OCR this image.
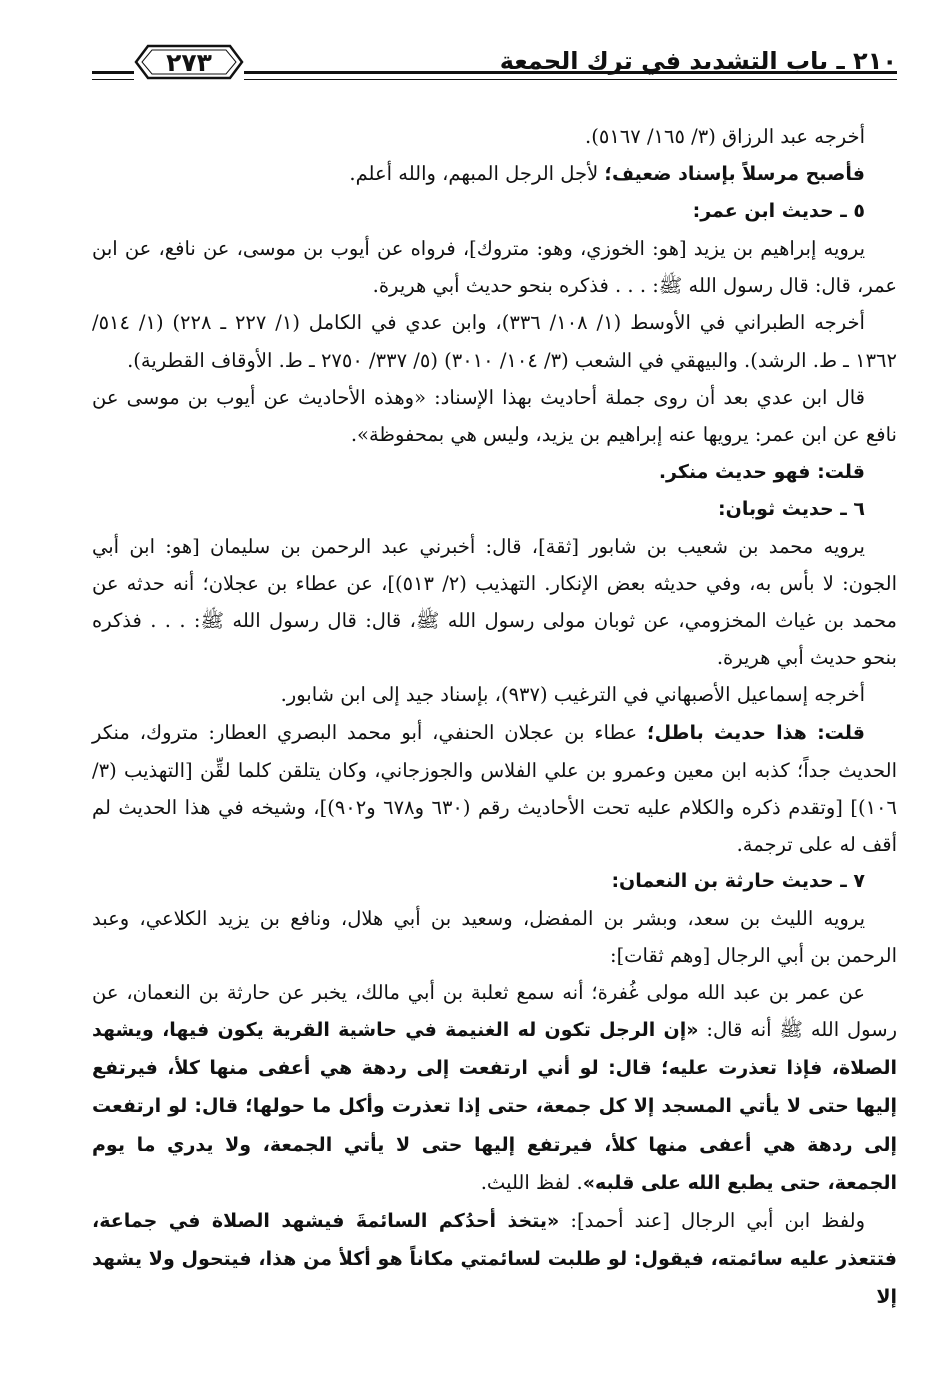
٢٧٣	٢١٠ ـ باب التشديد في ترك الجمعة

أخرجه عبد الرزاق (٣/ ١٦٥/ ٥١٦٧).

فأصبح مرسلاً بإسناد ضعيف؛ لأجل الرجل المبهم، والله أعلم.

٥ ـ حديث ابن عمر:

يرويه إبراهيم بن يزيد [هو: الخوزي، وهو: متروك]، فرواه عن أيوب بن موسى، عن نافع، عن ابن عمر، قال: قال رسول الله ﷺ: . . . فذكره بنحو حديث أبي هريرة.

أخرجه الطبراني في الأوسط (١/ ١٠٨/ ٣٣٦)، وابن عدي في الكامل (١/ ٢٢٧ ـ ٢٢٨) (١/ ٥١٤/ ١٣٦٢ ـ ط. الرشد). والبيهقي في الشعب (٣/ ١٠٤/ ٣٠١٠) (٥/ ٣٣٧/ ٢٧٥٠ ـ ط. الأوقاف القطرية).

قال ابن عدي بعد أن روى جملة أحاديث بهذا الإسناد: «وهذه الأحاديث عن أيوب بن موسى عن نافع عن ابن عمر: يرويها عنه إبراهيم بن يزيد، وليس هي بمحفوظة».

قلت: فهو حديث منكر.

٦ ـ حديث ثوبان:

يرويه محمد بن شعيب بن شابور [ثقة]، قال: أخبرني عبد الرحمن بن سليمان [هو: ابن أبي الجون: لا بأس به، وفي حديثه بعض الإنكار. التهذيب (٢/ ٥١٣)]، عن عطاء بن عجلان؛ أنه حدثه عن محمد بن غياث المخزومي، عن ثوبان مولى رسول الله ﷺ، قال: قال رسول الله ﷺ: . . . فذكره بنحو حديث أبي هريرة.

أخرجه إسماعيل الأصبهاني في الترغيب (٩٣٧)، بإسناد جيد إلى ابن شابور.

قلت: هذا حديث باطل؛ عطاء بن عجلان الحنفي، أبو محمد البصري العطار: متروك، منكر الحديث جداً؛ كذبه ابن معين وعمرو بن علي الفلاس والجوزجاني، وكان يتلقن كلما لقِّن [التهذيب (٣/ ١٠٦)] [وتقدم ذكره والكلام عليه تحت الأحاديث رقم (٦٣٠ و٦٧٨ و٩٠٢)]، وشيخه في هذا الحديث لم أقف له على ترجمة.

٧ ـ حديث حارثة بن النعمان:

يرويه الليث بن سعد، وبشر بن المفضل، وسعيد بن أبي هلال، ونافع بن يزيد الكلاعي، وعبد الرحمن بن أبي الرجال [وهم ثقات]:

عن عمر بن عبد الله مولى غُفرة؛ أنه سمع ثعلبة بن أبي مالك، يخبر عن حارثة بن النعمان، عن رسول الله ﷺ أنه قال: «إن الرجل تكون له الغنيمة في حاشية القرية يكون فيها، ويشهد الصلاة، فإذا تعذرت عليه؛ قال: لو أني ارتفعت إلى ردهة هي أعفى منها كلأ، فيرتفع إليها حتى لا يأتي المسجد إلا كل جمعة، حتى إذا تعذرت وأكل ما حولها؛ قال: لو ارتفعت إلى ردهة هي أعفى منها كلأ، فيرتفع إليها حتى لا يأتي الجمعة، ولا يدري ما يوم الجمعة، حتى يطبع الله على قلبه». لفظ الليث.

ولفظ ابن أبي الرجال [عند أحمد]: «يتخذ أحدُكم السائمةَ فيشهد الصلاة في جماعة، فتتعذر عليه سائمته، فيقول: لو طلبت لسائمتي مكاناً هو أكلأ من هذا، فيتحول ولا يشهد إلا
